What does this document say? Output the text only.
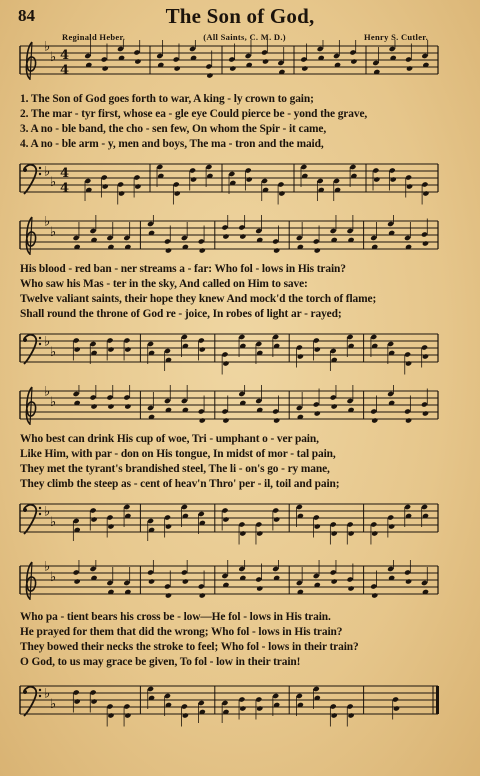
84	The Son of God,
Reginald Heber.	(All Saints, C. M. D.)	Henry S. Cutler.
♭
♭ 4
4
1. The Son of God goes forth to war, A king - ly crown to gain;
2. The mar - tyr first, whose ea - gle eye Could pierce be - yond the grave,
3. A no - ble band, the cho - sen few, On whom the Spir - it came,
4. A no - ble arm - y, men and boys, The ma - tron and the maid,
♭
♭
4
4
♭
♭
His blood - red ban - ner streams a - far: Who fol - lows in His train?
Who saw his Mas - ter in the sky, And called on Him to save:
Twelve valiant saints, their hope they knew And mock'd the torch of flame;
Shall round the throne of God re - joice, In robes of light ar - rayed;
♭
♭
♭
♭
Who best can drink His cup of woe, Tri - umphant o - ver pain,
Like Him, with par - don on His tongue, In midst of mor - tal pain,
They met the tyrant's brandished steel, The li - on's go - ry mane,
They climb the steep as - cent of heav'n Thro' per - il, toil and pain;
♭
♭
♭
♭
Who pa - tient bears his cross be - low—He fol - lows in His train.
He prayed for them that did the wrong; Who fol - lows in His train?
They bowed their necks the stroke to feel; Who fol - lows in their train?
O God, to us may grace be given, To fol - low in their train!
♭
♭
